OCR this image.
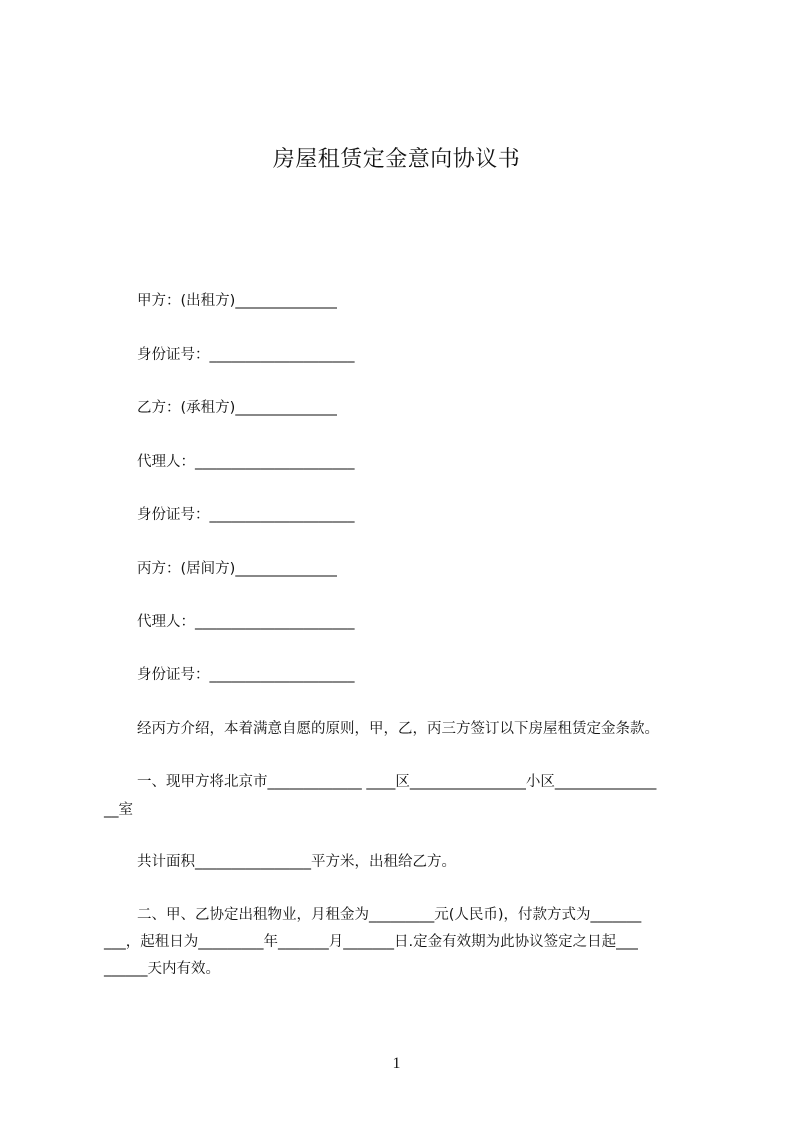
房屋租赁定金意向协议书
甲方：(出租方)______________
身份证号：____________________
乙方：(承租方)______________
代理人：______________________
身份证号：____________________
丙方：(居间方)______________
代理人：______________________
身份证号：____________________
经丙方介绍，本着满意自愿的原则，甲，乙，丙三方签订以下房屋租赁定金条款。
一、现甲方将北京市_____________ ____区________________小区______________
__室
共计面积________________平方米，出租给乙方。
二、甲、乙协定出租物业，月租金为_________元(人民币)，付款方式为_______
___，起租日为_________年_______月_______日.定金有效期为此协议签定之日起___
______天内有效。
1
